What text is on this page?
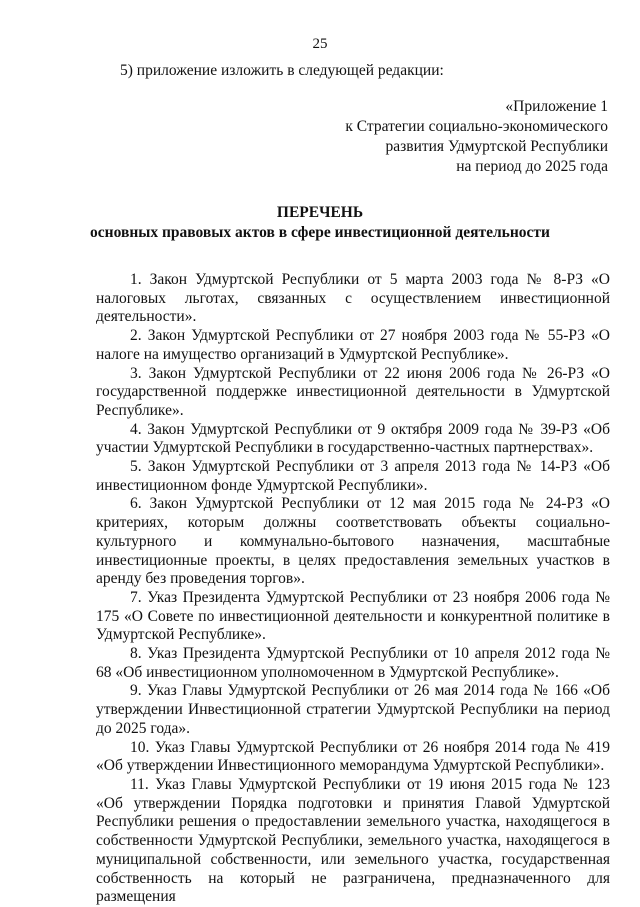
25
5) приложение изложить в следующей редакции:
«Приложение 1
к Стратегии социально-экономического
развития Удмуртской Республики
на период до 2025 года
ПЕРЕЧЕНЬ
основных правовых актов в сфере инвестиционной деятельности
1. Закон Удмуртской Республики от 5 марта 2003 года № 8-РЗ «О налоговых льготах, связанных с осуществлением инвестиционной деятельности».
2. Закон Удмуртской Республики от 27 ноября 2003 года № 55-РЗ «О налоге на имущество организаций в Удмуртской Республике».
3. Закон Удмуртской Республики от 22 июня 2006 года № 26-РЗ «О государственной поддержке инвестиционной деятельности в Удмуртской Республике».
4. Закон Удмуртской Республики от 9 октября 2009 года № 39-РЗ «Об участии Удмуртской Республики в государственно-частных партнерствах».
5. Закон Удмуртской Республики от 3 апреля 2013 года № 14-РЗ «Об инвестиционном фонде Удмуртской Республики».
6. Закон Удмуртской Республики от 12 мая 2015 года № 24-РЗ «О критериях, которым должны соответствовать объекты социально-культурного и коммунально-бытового назначения, масштабные инвестиционные проекты, в целях предоставления земельных участков в аренду без проведения торгов».
7. Указ Президента Удмуртской Республики от 23 ноября 2006 года № 175 «О Совете по инвестиционной деятельности и конкурентной политике в Удмуртской Республике».
8. Указ Президента Удмуртской Республики от 10 апреля 2012 года № 68 «Об инвестиционном уполномоченном в Удмуртской Республике».
9. Указ Главы Удмуртской Республики от 26 мая 2014 года № 166 «Об утверждении Инвестиционной стратегии Удмуртской Республики на период до 2025 года».
10. Указ Главы Удмуртской Республики от 26 ноября 2014 года № 419 «Об утверждении Инвестиционного меморандума Удмуртской Республики».
11. Указ Главы Удмуртской Республики от 19 июня 2015 года № 123 «Об утверждении Порядка подготовки и принятия Главой Удмуртской Республики решения о предоставлении земельного участка, находящегося в собственности Удмуртской Республики, земельного участка, находящегося в муниципальной собственности, или земельного участка, государственная собственность на который не разграничена, предназначенного для размещения
